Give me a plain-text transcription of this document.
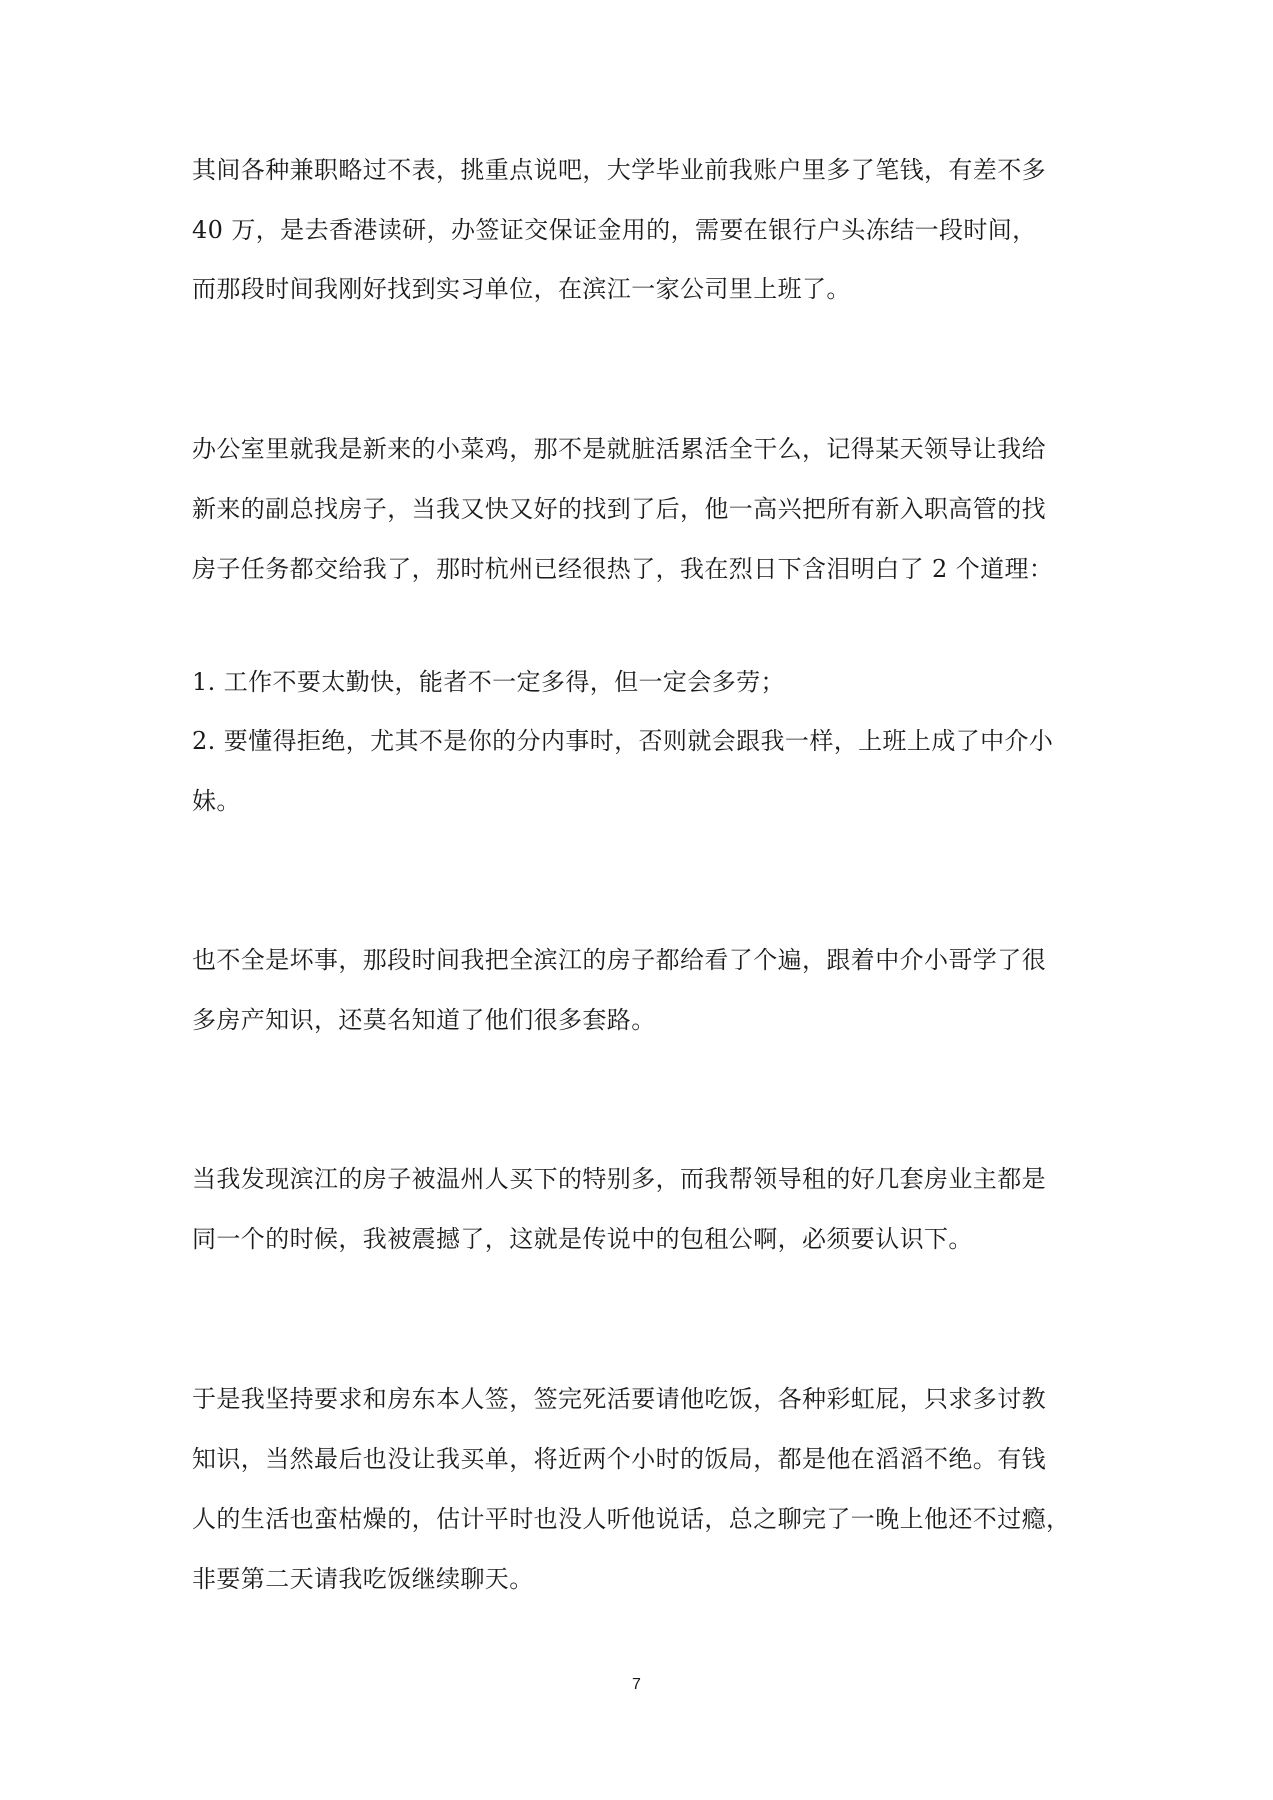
其间各种兼职略过不表，挑重点说吧，大学毕业前我账户里多了笔钱，有差不多
40 万，是去香港读研，办签证交保证金用的，需要在银行户头冻结一段时间，
而那段时间我刚好找到实习单位，在滨江一家公司里上班了。
办公室里就我是新来的小菜鸡，那不是就脏活累活全干么，记得某天领导让我给
新来的副总找房子，当我又快又好的找到了后，他一高兴把所有新入职高管的找
房子任务都交给我了，那时杭州已经很热了，我在烈日下含泪明白了 2 个道理：
1. 工作不要太勤快，能者不一定多得，但一定会多劳；
2. 要懂得拒绝，尤其不是你的分内事时，否则就会跟我一样，上班上成了中介小
妹。
也不全是坏事，那段时间我把全滨江的房子都给看了个遍，跟着中介小哥学了很
多房产知识，还莫名知道了他们很多套路。
当我发现滨江的房子被温州人买下的特别多，而我帮领导租的好几套房业主都是
同一个的时候，我被震撼了，这就是传说中的包租公啊，必须要认识下。
于是我坚持要求和房东本人签，签完死活要请他吃饭，各种彩虹屁，只求多讨教
知识，当然最后也没让我买单，将近两个小时的饭局，都是他在滔滔不绝。有钱
人的生活也蛮枯燥的，估计平时也没人听他说话，总之聊完了一晚上他还不过瘾，
非要第二天请我吃饭继续聊天。
7
